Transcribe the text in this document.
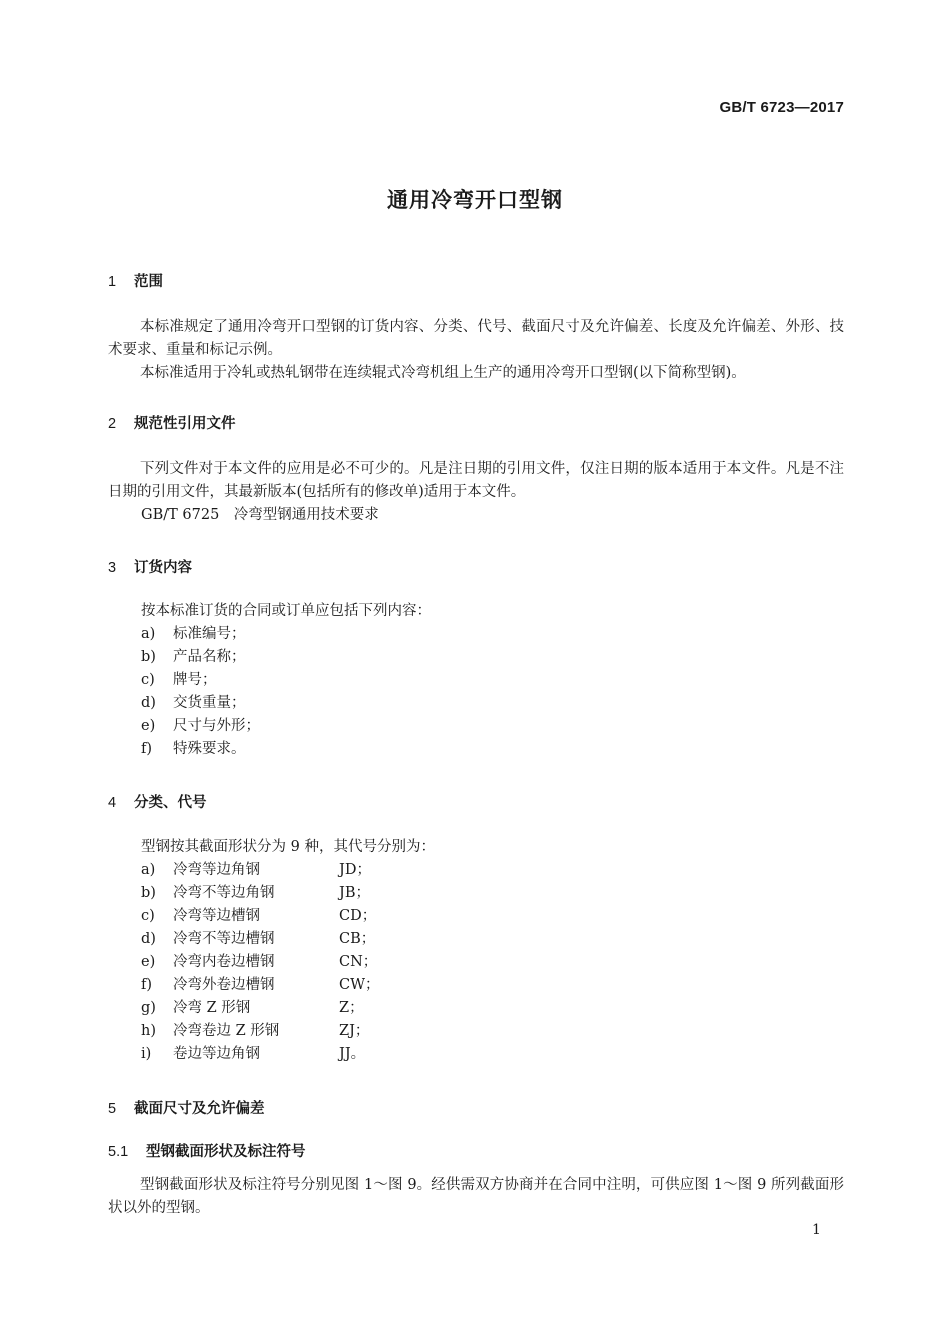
GB/T 6723—2017
通用冷弯开口型钢
1 范围
本标准规定了通用冷弯开口型钢的订货内容、分类、代号、截面尺寸及允许偏差、长度及允许偏差、外形、技术要求、重量和标记示例。
本标准适用于冷轧或热轧钢带在连续辊式冷弯机组上生产的通用冷弯开口型钢(以下简称型钢)。
2 规范性引用文件
下列文件对于本文件的应用是必不可少的。凡是注日期的引用文件，仅注日期的版本适用于本文件。凡是不注日期的引用文件，其最新版本(包括所有的修改单)适用于本文件。
GB/T 6725　冷弯型钢通用技术要求
3 订货内容
按本标准订货的合同或订单应包括下列内容：
a) 标准编号；
b) 产品名称；
c) 牌号；
d) 交货重量；
e) 尺寸与外形；
f) 特殊要求。
4 分类、代号
型钢按其截面形状分为 9 种，其代号分别为：
a) 冷弯等边角钢	JD；
b) 冷弯不等边角钢	JB；
c) 冷弯等边槽钢	CD；
d) 冷弯不等边槽钢	CB；
e) 冷弯内卷边槽钢	CN；
f) 冷弯外卷边槽钢	CW；
g) 冷弯 Z 形钢	Z；
h) 冷弯卷边 Z 形钢	ZJ；
i) 卷边等边角钢	JJ。
5 截面尺寸及允许偏差
5.1 型钢截面形状及标注符号
型钢截面形状及标注符号分别见图 1～图 9。经供需双方协商并在合同中注明，可供应图 1～图 9 所列截面形状以外的型钢。
1
